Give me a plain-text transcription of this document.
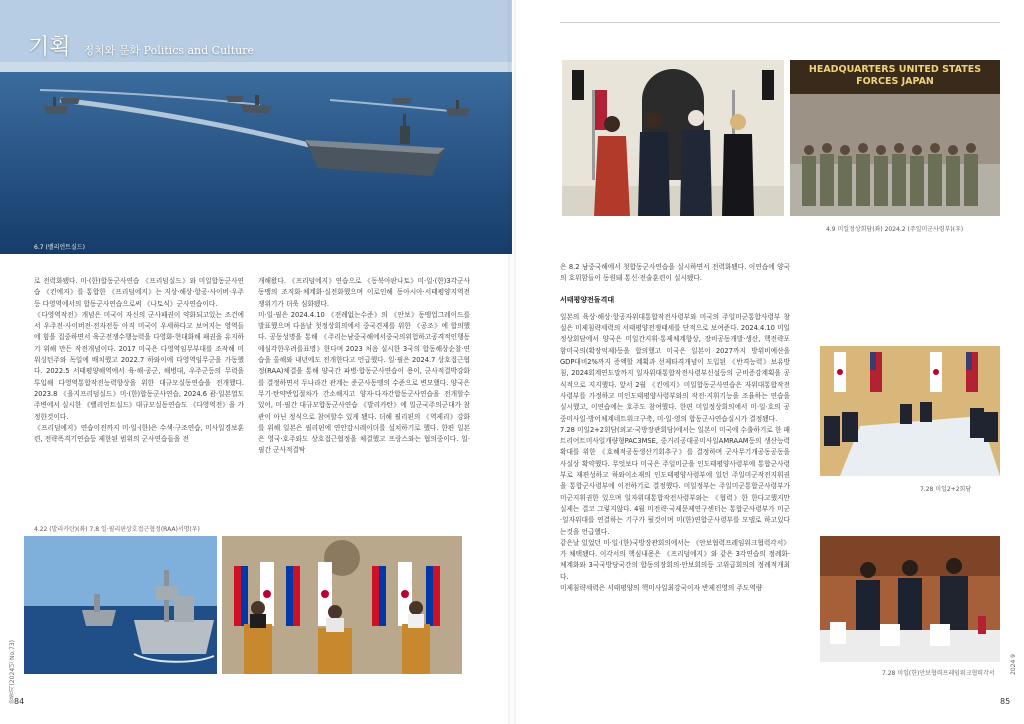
기획 정치와 문화 Politics and Culture
6.7 (밸리언트실드)

로 전력화됐다. 미·(한)합동군사연습 《프리덤실드》와 미일합동군사연습 《킨에지》를 통합한 《프리덤에지》는 지상·해상·항공·사이버·우주등 다영역에서의 합동군사연습으로써 《나토식》군사연습이다.

《다영역작전》개념은 미국이 자신의 군사패권이 약화되고있는 조건에서 우주전·사이버전·전자전등 아직 미국이 우세하다고 보여지는 영역들에 힘을 집중하면서 육군전쟁수행능력을 다영화·현대화해 패권을 유지하기 위해 만든 작전개념이다. 2017 미국은 다영역임무부대를 조작해 미워싱턴주와 독일에 배치했고 2022.7 하와이에 다영역임무군을 가동했다. 2022.5 서태평양해역에서 육·해·공군, 해병대, 우주군등의 무력을 투입해 다영역통합작전능력향상을 위한 대규모실동연습을 전개했다. 2023.8 《을지프리덤실드》미·(한)합동군사연습, 2024.6 괌·일본열도주변에서 실시한 《밸리언트실드》대규모실동연습도 《다영역전》을 가정한것이다.

《프리덤에지》연습이전까지 미·일·(한)은 수색·구조연습, 미사일경보훈련, 전략폭격기연습등 제한된 범위의 군사연습들을 전

개해왔다. 《프리덤에지》연습으로 《동북아판나토》미·일·(한)3각군사동맹의 조직화·체계화·실전화했으며 이로인해 동아시아·서태평양지역전쟁위기가 더욱 심화됐다.

미·일·필은 2024.4.10 《전례없는수준》의 《안보》동맹업그레이드를 발표했으며 다음날 첫정상회의에서 중국견제를 위한 《공조》에 합의했다. 공동성명을 통해 《주리는남중국해에서중국의위험하고공격적인행동에심각한우려를표명》한다며 2023 처음 실시한 3국의 합동해상순찰·연습을 올해와 내년에도 전개한다고 언급했다. 일·필은 2024.7 상호접근협정(RAA)체결을 통해 양국간 파병·합동군사연습이 용이, 군사적결박강화를 결정하면서 두나라간 관계는 준군사동맹의 수준으로 변모했다. 양국은 무기·탄약반입절차가 간소해지고 양자·다자간합동군사연습을 전개할수 있어, 미·필간 대규모합동군사연습 《발리카탄》에 일군국주의군대가 참관이 아닌 정식으로 참여할수 있게 됐다. 더해 필리핀의 《역제리》강화를 위해 일본은 필리핀에 연안감시레이더를 설치하기로 했다. 한편 일본은 영국·호주와도 상호접근협정을 체결했고 프랑스와는 협의중이다. 일·필간 군사적결탁

4.22 (발리카탄)(좌) 7.8 일·필리핀상호접근협정(RAA)서명(우)
합참지(2024년 No.73)
84
HEADQUARTERS UNITED STATES FORCES JAPAN
4.9 미일정상회담(좌) 2024.2 (주일미군사령부)(우)

은 8.2 남중국해에서 첫합동군사연습을 실시하면서 전력화됐다. 이연습에 양국의 호위함들이 동원돼 통신·전술훈련이 실시됐다.

서태평양전돌격대

일본의 육상·해상·항공자위대통합작전사령부와 미국의 주일미군통합사령부 창설은 미제침략세력의 서태평양전쟁태세를 단적으로 보여준다. 2024.4.10 미일정상회담에서 양국은 미일간지휘·통제체계향상, 장비공동개발·생산, 핵전략포함미국의(확장억제)등을 합의했고 미국은 일본이 2027까지 방위비예산을 GDP대비2%까지 증액할 계획과 선제타격개념이 도입된 《반격능력》보유방침, 2024회계연도말까지 일자위대통합작전사령부신설등의 군비증강계획을 공식적으로 지지했다. 앞서 2월 《킨에지》미일합동군사연습은 자위대통합작전사령부를 가정하고 미인도태평양사령부와의 작전·지휘기능을 조율하는 연습을 실시했고, 이연습에는 호주도 참여했다. 한편 미일정상회의에서 미·일·호의 공중미사일·방어체계네트워크구축, 미·일·영의 합동군사연습실시가 결정됐다.

7.28 미일2+2회담(외교·국방장관회담)에서는 일본이 미국에 수출하기로 한 패트리어트미사일개량형PAC3MSE, 중거리공대공미사일AMRAAM등의 생산능력확대를 위한 《호혜적공동생산기회추구》를 결정하며 군사무기개공동공동을 사실상 확약했다. 무엇보다 미국은 주일미군을 인도태평양사령부에 통합군사령부로 재편성하고 하와이소재의 인도태평양사령부에 있던 주일미군작전지휘권을 통합군사령부에 이전하기로 결정했다. 미일정부는 주일미군통합군사령부가 미군지휘권한 있으며 일자위대통합작전사령부와는 《협력》한 한다고했지만 실제는 결코 그렇지않다. 4월 미전략·국제문제연구센터는 통합군사령부가 미군·일자위대를 연결하는 기구가 될것이며 미(한)연합군사령부를 모델로 하고있다는것을 언급했다.

같은날 있었던 미·일·(한)국방장관회의에서는 《안보협력프레임워크협력각서》가 체택됐다. 이각서의 핵심내용은 《프리덤에지》와 같은 3각연습의 정례화·체계화와 3국국방당국간의 합동의장회의·안보회의등 고위급회의의 정례적개최다.

미제침략세력은 서태평양의 핵미사일최강국이자 반제진영의 주도역량

7.28 미일2+2회담
7.28 미일(한)안보협력프레임워크협력각서	2024 9
85
